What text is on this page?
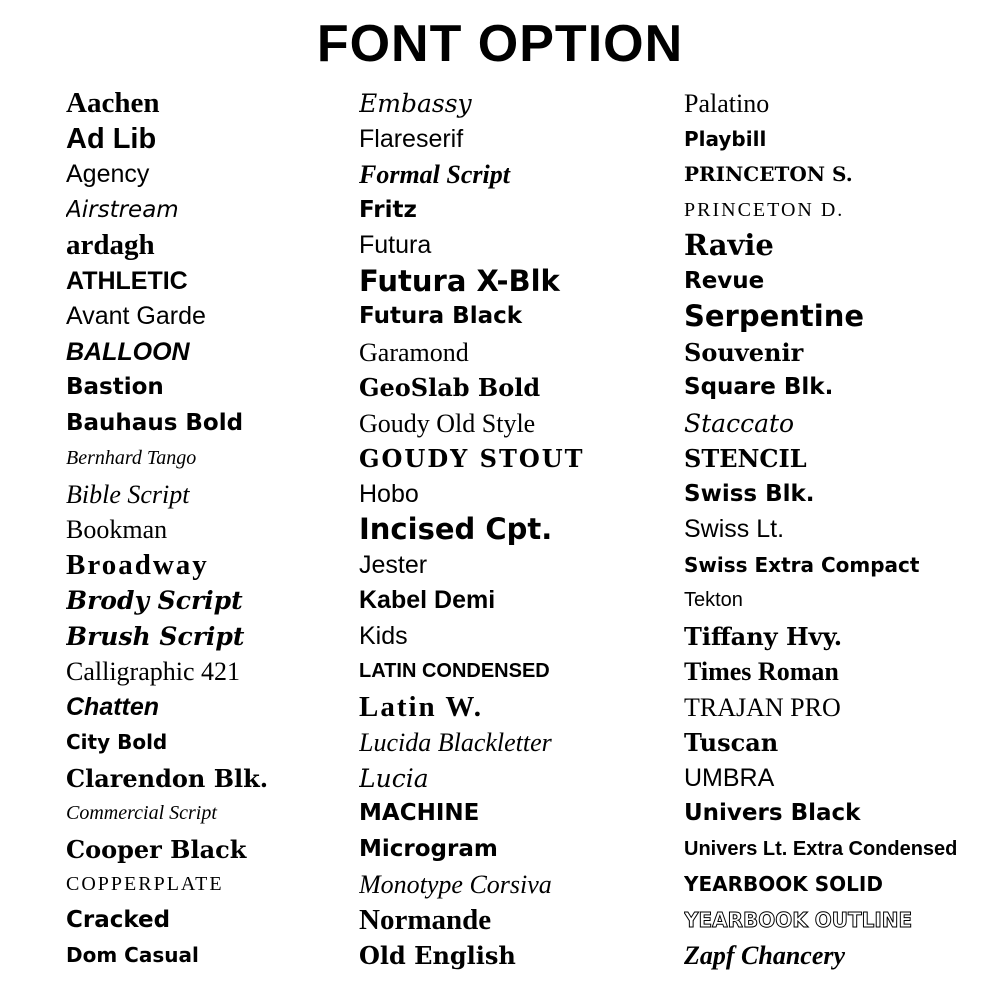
FONT OPTION
Aachen
Ad Lib
Agency
Airstream
ardagh
ATHLETIC
Avant Garde
BALLOON
Bastion
Bauhaus Bold
Bernhard Tango
Bible Script
Bookman
Broadway
Brody Script
Brush Script
Calligraphic 421
Chatten
City Bold
Clarendon Blk.
Commercial Script
Cooper Black
COPPERPLATE
Cracked
Dom Casual
Embassy
Flareserif
Formal Script
Fritz
Futura
Futura X-Blk
Futura Black
Garamond
GeoSlab Bold
Goudy Old Style
GOUDY STOUT
Hobo
Incised Cpt.
Jester
Kabel Demi
Kids
LATIN CONDENSED
Latin W.
Lucida Blackletter
Lucia
MACHINE
Microgram
Monotype Corsiva
Normande
Old English
Palatino
Playbill
PRINCETON S.
PRINCETON D.
Ravie
Revue
Serpentine
Souvenir
Square Blk.
Staccato
STENCIL
Swiss Blk.
Swiss Lt.
Swiss Extra Compact
Tekton
Tiffany Hvy.
Times Roman
TRAJAN PRO
Tuscan
UMBRA
Univers Black
Univers Lt. Extra Condensed
YEARBOOK SOLID
YEARBOOK OUTLINE
Zapf Chancery
